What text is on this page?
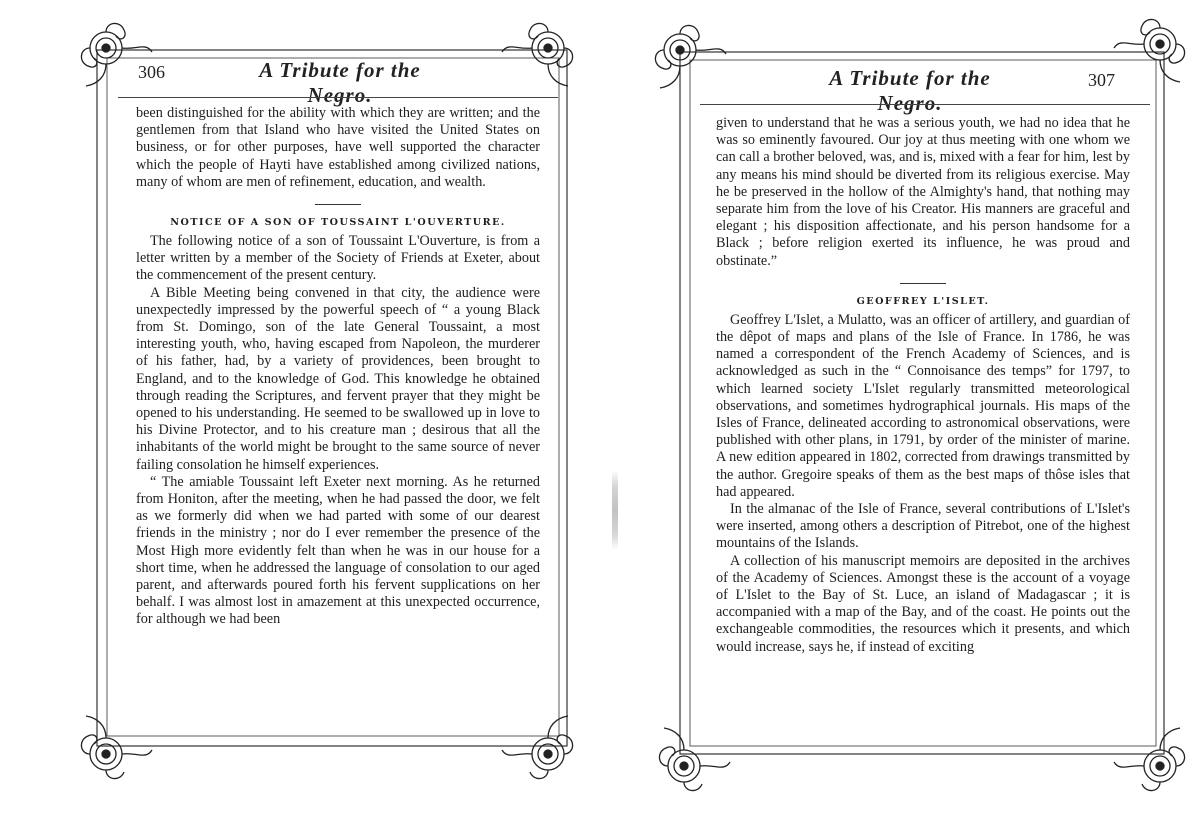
306	A Tribute for the Negro.

been distinguished for the ability with which they are written; and the gentlemen from that Island who have visited the United States on business, or for other purposes, have well supported the character which the people of Hayti have established among civilized nations, many of whom are men of refinement, education, and wealth.

NOTICE OF A SON OF TOUSSAINT L'OUVERTURE.

The following notice of a son of Toussaint L'Ouverture, is from a letter written by a member of the Society of Friends at Exeter, about the commencement of the present century.

A Bible Meeting being convened in that city, the audience were unexpectedly impressed by the powerful speech of “ a young Black from St. Domingo, son of the late General Toussaint, a most interesting youth, who, having escaped from Napoleon, the murderer of his father, had, by a variety of providences, been brought to England, and to the knowledge of God. This knowledge he obtained through reading the Scriptures, and fervent prayer that they might be opened to his understanding. He seemed to be swallowed up in love to his Divine Protector, and to his creature man ; desirous that all the inhabitants of the world might be brought to the same source of never failing consolation he himself experiences.

“ The amiable Toussaint left Exeter next morning. As he returned from Honiton, after the meeting, when he had passed the door, we felt as we formerly did when we had parted with some of our dearest friends in the ministry ; nor do I ever remember the presence of the Most High more evidently felt than when he was in our house for a short time, when he addressed the language of consolation to our aged parent, and afterwards poured forth his fervent supplications on her behalf. I was almost lost in amazement at this unexpected occurrence, for although we had been

A Tribute for the Negro.
307

given to understand that he was a serious youth, we had no idea that he was so eminently favoured. Our joy at thus meeting with one whom we can call a brother beloved, was, and is, mixed with a fear for him, lest by any means his mind should be diverted from its religious exercise. May he be preserved in the hollow of the Almighty's hand, that nothing may separate him from the love of his Creator. His manners are graceful and elegant ; his disposition affectionate, and his person handsome for a Black ; before religion exerted its influence, he was proud and obstinate.”

GEOFFREY L'ISLET.

Geoffrey L'Islet, a Mulatto, was an officer of artillery, and guardian of the dêpot of maps and plans of the Isle of France. In 1786, he was named a correspondent of the French Academy of Sciences, and is acknowledged as such in the “ Connoisance des temps” for 1797, to which learned society L'Islet regularly transmitted meteorological observations, and sometimes hydrographical journals. His maps of the Isles of France, delineated according to astronomical observations, were published with other plans, in 1791, by order of the minister of marine. A new edition appeared in 1802, corrected from drawings transmitted by the author. Gregoire speaks of them as the best maps of thôse isles that had appeared.

In the almanac of the Isle of France, several contributions of L'Islet's were inserted, among others a description of Pitrebot, one of the highest mountains of the Islands.

A collection of his manuscript memoirs are deposited in the archives of the Academy of Sciences. Amongst these is the account of a voyage of L'Islet to the Bay of St. Luce, an island of Madagascar ; it is accompanied with a map of the Bay, and of the coast. He points out the exchangeable commodities, the resources which it presents, and which would increase, says he, if instead of exciting
